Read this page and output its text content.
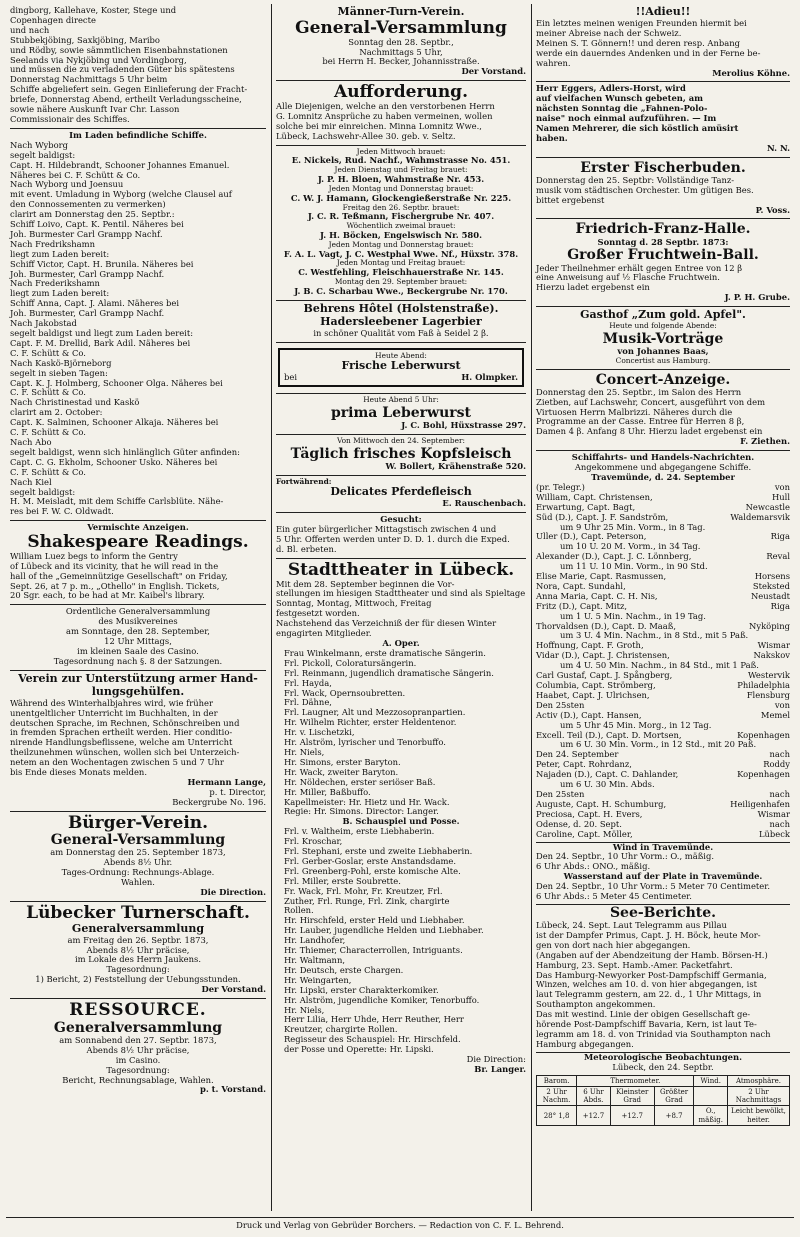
dingborg, Kallehave, Koster, Stege und

Copenhagen directe

und nach

Stubbekjöbing, Saxkjöbing, Maribo

und Rödby, sowie sämmtlichen Eisenbahnstationen

Seelands via Nykjöbing und Vordingborg,

und müssen die zu verladenden Güter bis spätestens

Donnerstag Nachmittags 5 Uhr beim

Schiffe abgeliefert sein. Gegen Einlieferung der Fracht-

briefe, Donnerstag Abend, ertheilt Verladungsscheine,

sowie nähere Auskunft Ivar Chr. Lasson

Commissionair des Schiffes.

Im Laden befindliche Schiffe.

Nach Wyborg

segelt baldigst:

Capt. H. Hildebrandt, Schooner Johannes Emanuel.

Näheres bei C. F. Schütt & Co.

Nach Wyborg und Joensuu

mit event. Umladung in Wyborg (welche Clausel auf

den Connossementen zu vermerken)

clarirt am Donnerstag den 25. Septbr.:

Schiff Loivo, Capt. K. Pentil. Näheres bei

Joh. Burmester Carl Grampp Nachf.

Nach Fredrikshamn

liegt zum Laden bereit:

Schiff Victor, Capt. H. Brunila. Näheres bei

Joh. Burmester, Carl Grampp Nachf.

Nach Frederikshamn

liegt zum Laden bereit:

Schiff Anna, Capt. J. Alami. Näheres bei

Joh. Burmester, Carl Grampp Nachf.

Nach Jakobstad

segelt baldigst und liegt zum Laden bereit:

Capt. F. M. Drellid, Bark Adil. Näheres bei

C. F. Schütt & Co.

Nach Kaskö-Björneborg

segelt in sieben Tagen:

Capt. K. J. Holmberg, Schooner Olga. Näheres bei

C. F. Schütt & Co.

Nach Christinestad und Kaskö

clarirt am 2. October:

Capt. K. Salminen, Schooner Alkaja. Näheres bei

C. F. Schütt & Co.

Nach Abo

segelt baldigst, wenn sich hinlänglich Güter anfinden:

Capt. C. G. Ekholm, Schooner Usko. Näheres bei

C. F. Schütt & Co.

Nach Kiel

segelt baldigst:

H. M. Meisladt, mit dem Schiffe Carlsblüte. Nähe-

res bei F. W. C. Oldwadt.

Vermischte Anzeigen.

Shakespeare Readings.

William Luez begs to inform the Gentry

of Lübeck and its vicinity, that he will read in the

hall of the „Gemeinnützige Gesellschaft" on Friday,

Sept. 26, at 7 p. m., „Othello" in English. Tickets,

20 Sgr. each, to be had at Mr. Kaibel's library.

Ordentliche Generalversammlung

des Musikvereines

am Sonntage, den 28. September,

12 Uhr Mittags,

im kleinen Saale des Casino.

Tagesordnung nach §. 8 der Satzungen.

Verein zur Unterstützung armer Hand-

lungsgehülfen.

Während des Winterhalbjahres wird, wie früher

unentgeltlicher Unterricht im Buchhalten, in der

deutschen Sprache, im Rechnen, Schönschreiben und

in fremden Sprachen ertheilt werden. Hier conditio-

nirende Handlungsbeflissene, welche am Unterricht

theilzunehmen wünschen, wollen sich bei Unterzeich-

netem an den Wochentagen zwischen 5 und 7 Uhr

bis Ende dieses Monats melden.

Hermann Lange,

p. t. Director,

Beckergrube No. 196.

Bürger-Verein.

General-Versammlung

am Donnerstag den 25. September 1873,

Abends 8½ Uhr.

Tages-Ordnung: Rechnungs-Ablage.

Wahlen.

Die Direction.

Lübecker Turnerschaft.

Generalversammlung

am Freitag den 26. Septbr. 1873,

Abends 8½ Uhr präcise,

im Lokale des Herrn Jaukens.

Tagesordnung:

1) Bericht, 2) Feststellung der Uebungsstunden.

Der Vorstand.

RESSOURCE.

Generalversammlung

am Sonnabend den 27. Septbr. 1873,

Abends 8½ Uhr präcise,

im Casino.

Tagesordnung:

Bericht, Rechnungsablage, Wahlen.

p. t. Vorstand.

Männer-Turn-Verein.

General-Versammlung

Sonntag den 28. Septbr.,

Nachmittags 5 Uhr,

bei Herrn H. Becker, Johannisstraße.

Der Vorstand.

Aufforderung.

Alle Diejenigen, welche an den verstorbenen Herrn

G. Lomnitz Ansprüche zu haben vermeinen, wollen

solche bei mir einreichen. Minna Lomnitz Wwe.,

Lübeck, Lachswehr-Allee 30. geb. v. Seltz.

Jeden Mittwoch brauet:

E. Nickels, Rud. Nachf., Wahmstrasse No. 451.

Jeden Dienstag und Freitag brauet:

J. P. H. Bloen, Wahmstraße Nr. 453.

Jeden Montag und Donnerstag brauet:

C. W. J. Hamann, Glockengießerstraße Nr. 225.

Freitag den 26. Septbr. brauet:

J. C. R. Teßmann, Fischergrube Nr. 407.

Wöchentlich zweimal brauet:

J. H. Böcken, Engelswisch Nr. 580.

Jeden Montag und Donnerstag brauet:

F. A. L. Vagt, J. C. Westphal Wwe. Nf., Hüxstr. 378.

Jeden Montag und Freitag brauet:

C. Westfehling, Fleischhauerstraße Nr. 145.

Montag den 29. September brauet:

J. B. C. Scharbau Wwe., Beckergrube Nr. 170.

Behrens Hôtel (Holstenstraße).

Hadersleebener Lagerbier

in schöner Qualität vom Faß à Seidel 2 β.

Heute Abend:

Frische Leberwurst

bei	H. Olmpker.

Heute Abend 5 Uhr:

prima Leberwurst

J. C. Bohl, Hüxstrasse 297.

Von Mittwoch den 24. September:

Täglich frisches Kopfsleisch

W. Bollert, Krähenstraße 520.

Fortwährend:

Delicates Pferdefleisch

E. Rauschenbach.

Gesucht:

Ein guter bürgerlicher Mittagstisch zwischen 4 und

5 Uhr. Offerten werden unter D. D. 1. durch die Exped.

d. Bl. erbeten.

Stadttheater in Lübeck.

Mit dem 28. September beginnen die Vor-

stellungen im hiesigen Stadttheater und sind als Spieltage

Sonntag, Montag, Mittwoch, Freitag

festgesetzt worden.

Nachstehend das Verzeichniß der für diesen Winter

engagirten Mitglieder.

A. Oper.

Frau Winkelmann, erste dramatische Sängerin.

Frl. Pickoll, Coloratursängerin.

Frl. Reinmann, jugendlich dramatische Sängerin.

Frl. Hayda,

Frl. Wack, Opernsoubretten.

Frl. Dähne,

Frl. Laugner, Alt und Mezzosopranpartien.

Hr. Wilhelm Richter, erster Heldentenor.

Hr. v. Lischetzki,

Hr. Alström, lyrischer und Tenorbuffo.

Hr. Niels,

Hr. Simons, erster Baryton.

Hr. Wack, zweiter Baryton.

Hr. Nöldechen, erster seriöser Baß.

Hr. Miller, Baßbuffo.

Kapellmeister: Hr. Hietz und Hr. Wack.

Regie: Hr. Simons. Director: Langer.

B. Schauspiel und Posse.

Frl. v. Waltheim, erste Liebhaberin.

Frl. Kroschar,

Frl. Stephani, erste und zweite Liebhaberin.

Frl. Gerber-Goslar, erste Anstandsdame.

Frl. Greenberg-Pohl, erste komische Alte.

Frl. Miller, erste Soubrette.

Fr. Wack, Frl. Mohr, Fr. Kreutzer, Frl.

Zuther, Frl. Runge, Frl. Zink, chargirte

Rollen.

Hr. Hirschfeld, erster Held und Liebhaber.

Hr. Lauber, jugendliche Helden und Liebhaber.

Hr. Landhofer,

Hr. Thiemer, Characterrollen, Intriguants.

Hr. Waltmann,

Hr. Deutsch, erste Chargen.

Hr. Weingarten,

Hr. Lipski, erster Charakterkomiker.

Hr. Alström, jugendliche Komiker, Tenorbuffo.

Hr. Niels,

Herr Lilia, Herr Uhde, Herr Reuther, Herr

Kreutzer, chargirte Rollen.

Regisseur des Schauspiel: Hr. Hirschfeld.

der Posse und Operette: Hr. Lipski.

Die Direction:

Br. Langer.

!!Adieu!!

Ein letztes meinen wenigen Freunden hiermit bei

meiner Abreise nach der Schweiz.

Meinen S. T. Gönnern!! und deren resp. Anbang

werde ein dauerndes Andenken und in der Ferne be-

wahren.

Merolius Köhne.

Herr Eggers, Adlers-Horst, wird

auf vielfachen Wunsch gebeten, am

nächsten Sonntag die „Fahnen-Polo-

naise" noch einmal aufzuführen. — Im

Namen Mehrerer, die sich köstlich amüsirt

haben.

N. N.

Erster Fischerbuden.

Donnerstag den 25. Septbr: Vollständige Tanz-

musik vom städtischen Orchester. Um gütigen Bes.

bittet ergebenst

P. Voss.

Friedrich-Franz-Halle.

Sonntag d. 28 Septbr. 1873:

Großer Fruchtwein-Ball.

Jeder Theilnehmer erhält gegen Entree von 12 β

eine Anweisung auf ½ Flasche Fruchtwein.

Hierzu ladet ergebenst ein

J. P. H. Grube.

Gasthof „Zum gold. Apfel".

Heute und folgende Abende:

Musik-Vorträge

von Johannes Baas,

Concertist aus Hamburg.

Concert-Anzeige.

Donnerstag den 25. Septbr., im Salon des Herrn

Zietben, auf Lachswehr, Concert, ausgeführt von dem

Virtuosen Herrn Malbrizzi. Näheres durch die

Programme an der Casse. Entree für Herren 8 β,

Damen 4 β. Anfang 8 Uhr. Hierzu ladet ergebenst ein

F. Ziethen.

Schiffahrts- und Handels-Nachrichten.

Angekommene und abgegangene Schiffe.

Travemünde, d. 24. September

(pr. Telegr.)	von
William, Capt. Christensen,	Hull
Erwartung, Capt. Bagt,	Newcastle
Süd (D.), Capt. J. F. Sandström,	Waldemarsvik
um 9 Uhr 25 Min. Vorm., in 8 Tag.
Uller (D.), Capt. Peterson,	Riga
um 10 U. 20 M. Vorm., in 34 Tag.
Alexander (D.), Capt. J. C. Lönnberg,	Reval
um 11 U. 10 Min. Vorm., in 90 Std.
Elise Marie, Capt. Rasmussen,	Horsens
Nora, Capt. Sundahl,	Steksted
Anna Maria, Capt. C. H. Nis,	Neustadt
Fritz (D.), Capt. Mitz,	Riga
um 1 U. 5 Min. Nachm., in 19 Tag.
Thorvaldsen (D.), Capt. D. Maaß,	Nyköping
um 3 U. 4 Min. Nachm., in 8 Std., mit 5 Paß.
Hoffnung, Capt. F. Groth,	Wismar
Vidar (D.), Capt. J. Christensen,	Nakskov
um 4 U. 50 Min. Nachm., in 84 Std., mit 1 Paß.
Carl Gustaf, Capt. J. Spångberg,	Westervik
Columbia, Capt. Strömberg,	Philadelphia
Haabet, Capt. J. Ulrichsen,	Flensburg
Den 25sten	von
Activ (D.), Capt. Hansen,	Memel
um 5 Uhr 45 Min. Morg., in 12 Tag.
Excell. Teil (D.), Capt. D. Mortsen,	Kopenhagen
um 6 U. 30 Min. Vorm., in 12 Std., mit 20 Paß.
Den 24. September	nach
Peter, Capt. Rohrdanz,	Roddy
Najaden (D.), Capt. C. Dahlander,	Kopenhagen
um 6 U. 30 Min. Abds.
Den 25sten	nach
Auguste, Capt. H. Schumburg,	Heiligenhafen
Preciosa, Capt. H. Evers,	Wismar
Odense, d. 20. Sept.	nach
Caroline, Capt. Möller,	Lübeck

Wind in Travemünde.

Den 24. Septbr., 10 Uhr Vorm.: O., mäßig.

6 Uhr Abds.: ONO., mäßig.

Wasserstand auf der Plate in Travemünde.

Den 24. Septbr., 10 Uhr Vorm.: 5 Meter 70 Centimeter.

6 Uhr Abds.: 5 Meter 45 Centimeter.

See-Berichte.

Lübeck, 24. Sept. Laut Telegramm aus Pillau

ist der Dampfer Primus, Capt. J. H. Böck, heute Mor-

gen von dort nach hier abgegangen.

(Angaben auf der Abendzeitung der Hamb. Börsen-H.)

Hamburg, 23. Sept. Hamb.-Amer. Packetfahrt.

Das Hamburg-Newyorker Post-Dampfschiff Germania,

Winzen, welches am 10. d. von hier abgegangen, ist

laut Telegramm gestern, am 22. d., 1 Uhr Mittags, in

Southampton angekommen.

Das mit westind. Linie der obigen Gesellschaft ge-

hörende Post-Dampfschiff Bavaria, Kern, ist laut Te-

legramm am 18. d. von Trinidad via Southampton nach

Hamburg abgegangen.

Meteorologische Beobachtungen.

Lübeck, den 24. Septbr.

Barom.	Thermometer.			Wind.	Atmosphäre.
2 Uhr Nachm.	6 Uhr Abds.	Kleinster Grad	Größter Grad		2 Uhr Nachmittags
28° 1,8	+12.7	+12.7	+8.7	O., mäßig.	Leicht bewölkt, heiter.
Druck und Verlag von Gebrüder Borchers. — Redaction von C. F. L. Behrend.
